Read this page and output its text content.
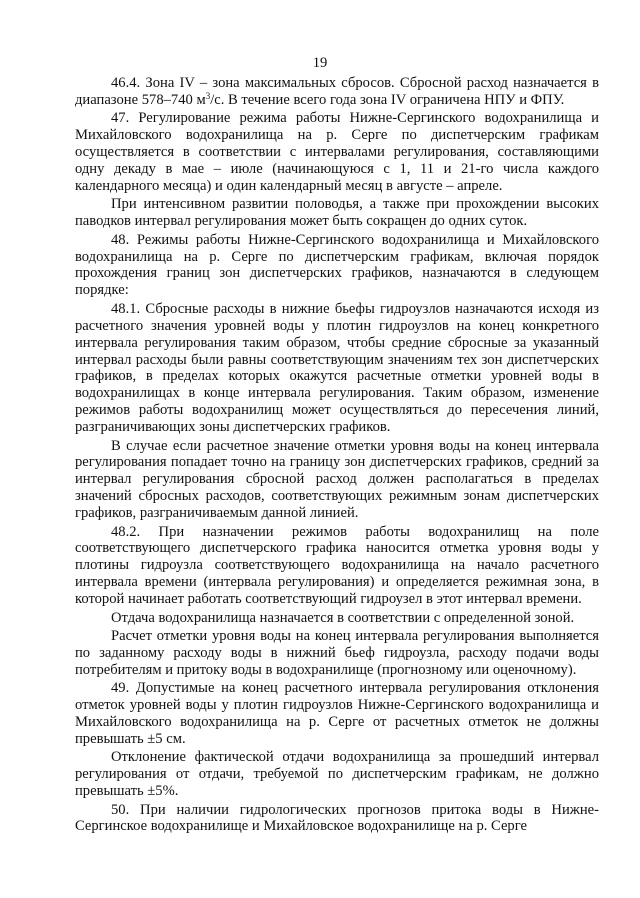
19

46.4. Зона IV – зона максимальных сбросов. Сбросной расход назначается в диапазоне 578–740 $м^3/с$. В течение всего года зона IV ограничена НПУ и ФПУ.

47. Регулирование режима работы Нижне-Сергинского водохранилища и Михайловского водохранилища на р. Серге по диспетчерским графикам осуществляется в соответствии с интервалами регулирования, составляющими одну декаду в мае – июле (начинающуюся с 1, 11 и 21-го числа каждого календарного месяца) и один календарный месяц в августе – апреле.

При интенсивном развитии половодья, а также при прохождении высоких паводков интервал регулирования может быть сокращен до одних суток.

48. Режимы работы Нижне-Сергинского водохранилища и Михайловского водохранилища на р. Серге по диспетчерским графикам, включая порядок прохождения границ зон диспетчерских графиков, назначаются в следующем порядке:

48.1. Сбросные расходы в нижние бьефы гидроузлов назначаются исходя из расчетного значения уровней воды у плотин гидроузлов на конец конкретного интервала регулирования таким образом, чтобы средние сбросные за указанный интервал расходы были равны соответствующим значениям тех зон диспетчерских графиков, в пределах которых окажутся расчетные отметки уровней воды в водохранилищах в конце интервала регулирования. Таким образом, изменение режимов работы водохранилищ может осуществляться до пересечения линий, разграничивающих зоны диспетчерских графиков.

В случае если расчетное значение отметки уровня воды на конец интервала регулирования попадает точно на границу зон диспетчерских графиков, средний за интервал регулирования сбросной расход должен располагаться в пределах значений сбросных расходов, соответствующих режимным зонам диспетчерских графиков, разграничиваемым данной линией.

48.2. При назначении режимов работы водохранилищ на поле соответствующего диспетчерского графика наносится отметка уровня воды у плотины гидроузла соответствующего водохранилища на начало расчетного интервала времени (интервала регулирования) и определяется режимная зона, в которой начинает работать соответствующий гидроузел в этот интервал времени.

Отдача водохранилища назначается в соответствии с определенной зоной.

Расчет отметки уровня воды на конец интервала регулирования выполняется по заданному расходу воды в нижний бьеф гидроузла, расходу подачи воды потребителям и притоку воды в водохранилище (прогнозному или оценочному).

49. Допустимые на конец расчетного интервала регулирования отклонения отметок уровней воды у плотин гидроузлов Нижне-Сергинского водохранилища и Михайловского водохранилища на р. Серге от расчетных отметок не должны превышать ±5 см.

Отклонение фактической отдачи водохранилища за прошедший интервал регулирования от отдачи, требуемой по диспетчерским графикам, не должно превышать ±5%.

50. При наличии гидрологических прогнозов притока воды в Нижне-Сергинское водохранилище и Михайловское водохранилище на р. Серге
